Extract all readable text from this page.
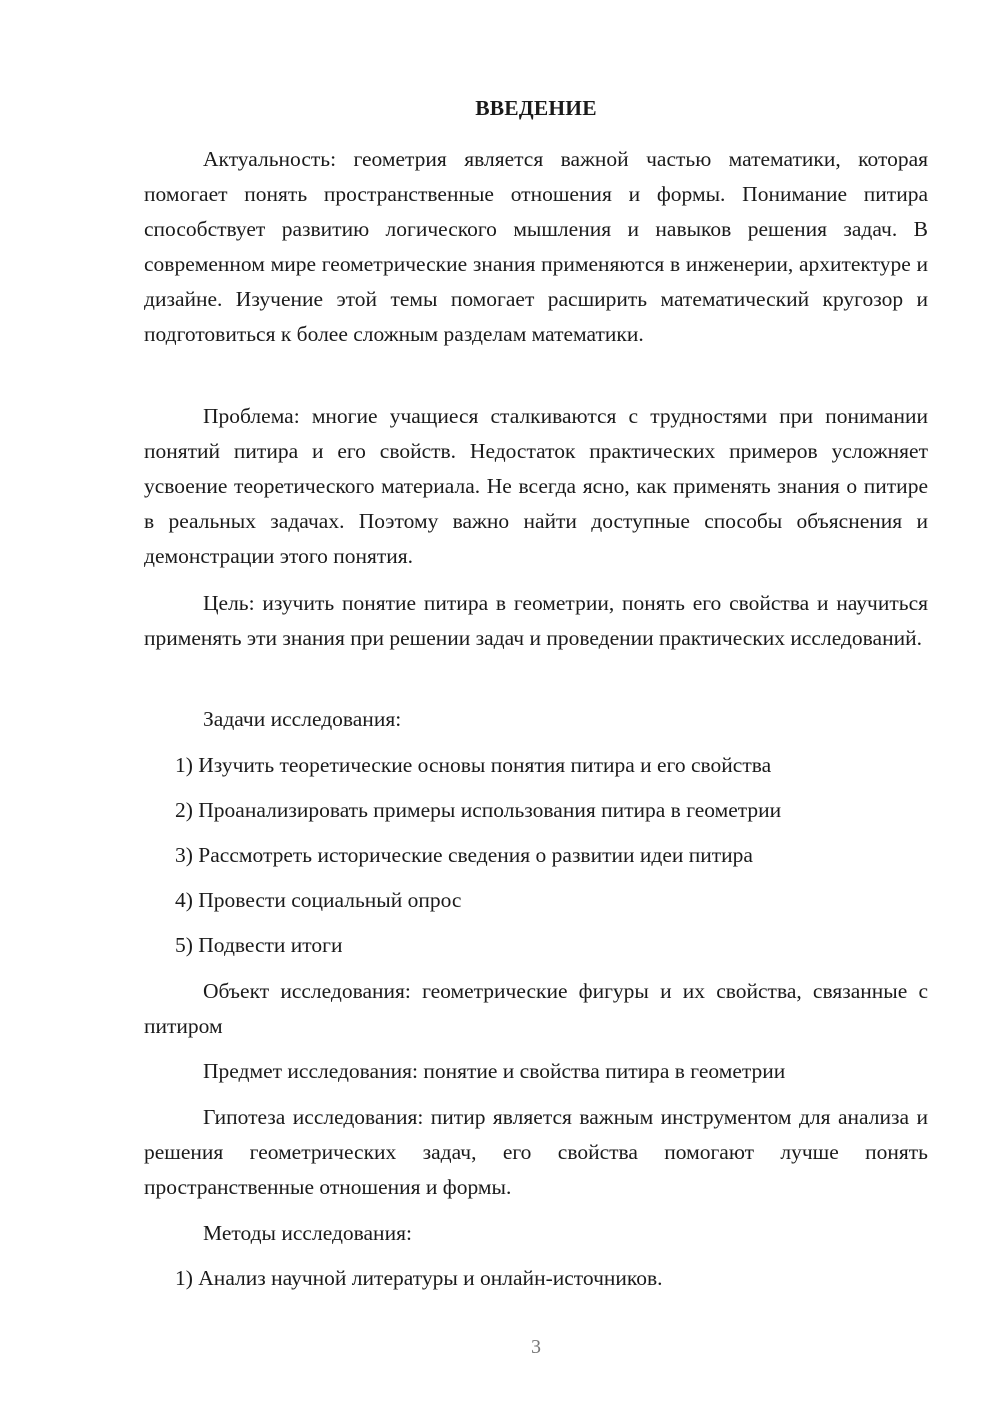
ВВЕДЕНИЕ
Актуальность: геометрия является важной частью математики, которая помогает понять пространственные отношения и формы. Понимание питира способствует развитию логического мышления и навыков решения задач. В современном мире геометрические знания применяются в инженерии, архитектуре и дизайне. Изучение этой темы помогает расширить математический кругозор и подготовиться к более сложным разделам математики.
Проблема: многие учащиеся сталкиваются с трудностями при понимании понятий питира и его свойств. Недостаток практических примеров усложняет усвоение теоретического материала. Не всегда ясно, как применять знания о питире в реальных задачах. Поэтому важно найти доступные способы объяснения и демонстрации этого понятия.
Цель: изучить понятие питира в геометрии, понять его свойства и научиться применять эти знания при решении задач и проведении практических исследований.
Задачи исследования:
1) Изучить теоретические основы понятия питира и его свойства
2) Проанализировать примеры использования питира в геометрии
3) Рассмотреть исторические сведения о развитии идеи питира
4) Провести социальный опрос
5) Подвести итоги
Объект исследования: геометрические фигуры и их свойства, связанные с питиром
Предмет исследования: понятие и свойства питира в геометрии
Гипотеза исследования: питир является важным инструментом для анализа и решения геометрических задач, его свойства помогают лучше понять пространственные отношения и формы.
Методы исследования:
1) Анализ научной литературы и онлайн-источников.
3
